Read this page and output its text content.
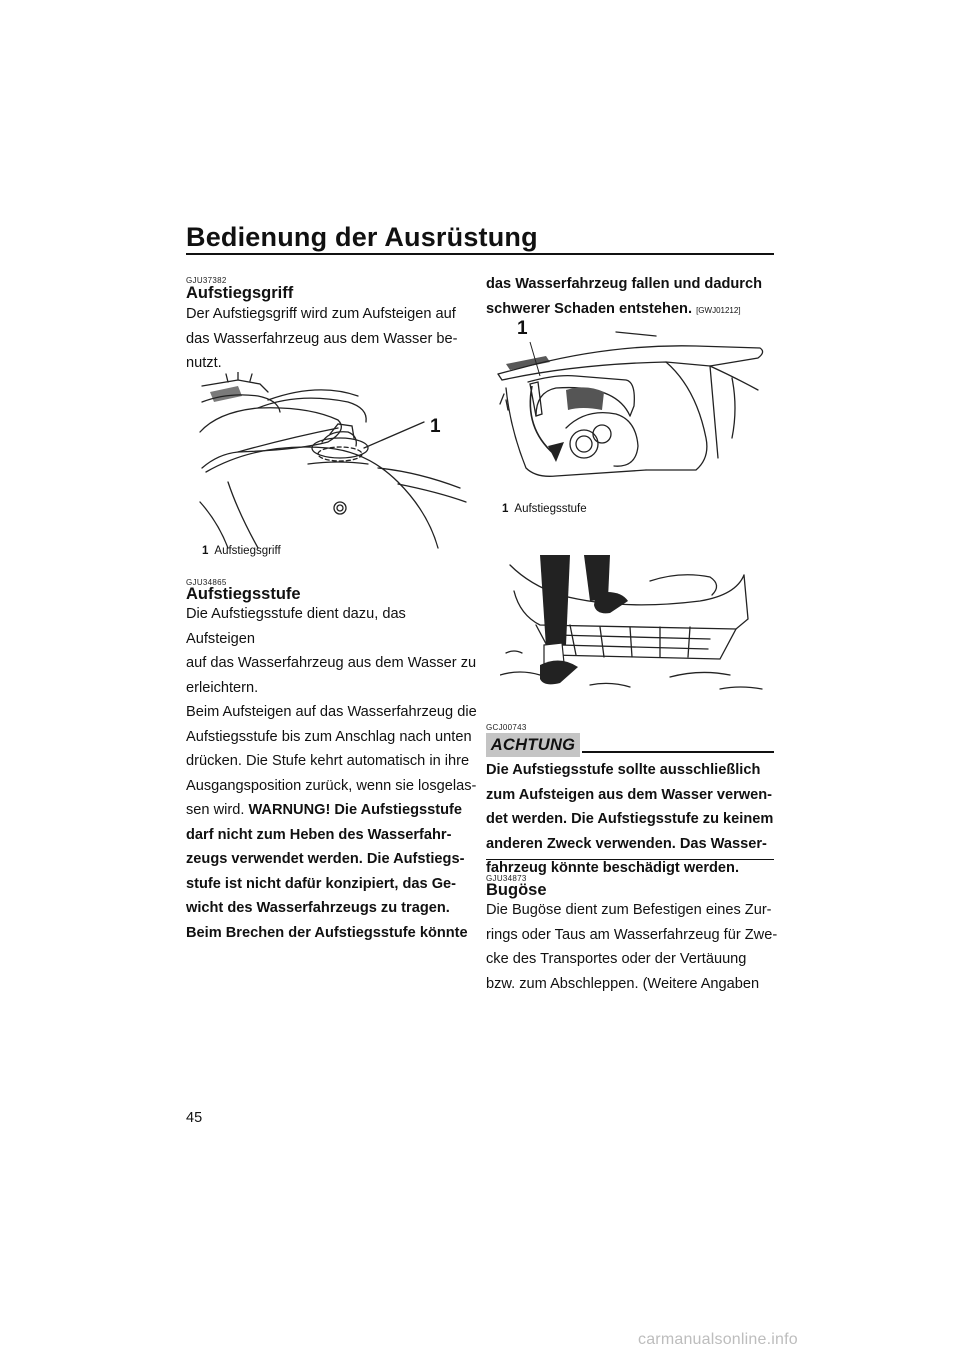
Bedienung der Ausrüstung
GJU37382
Aufstiegsgriff

Der Aufstiegsgriff wird zum Aufsteigen auf

das Wasserfahrzeug aus dem Wasser be-

nutzt.

1
1 Aufstiegsgriff
GJU34865
Aufstiegsstufe

Die Aufstiegsstufe dient dazu, das Aufsteigen

auf das Wasserfahrzeug aus dem Wasser zu

erleichtern.

Beim Aufsteigen auf das Wasserfahrzeug die

Aufstiegsstufe bis zum Anschlag nach unten

drücken. Die Stufe kehrt automatisch in ihre

Ausgangsposition zurück, wenn sie losgelas-

sen wird. WARNUNG! Die Aufstiegsstufe

darf nicht zum Heben des Wasserfahr-

zeugs verwendet werden. Die Aufstiegs-

stufe ist nicht dafür konzipiert, das Ge-

wicht des Wasserfahrzeugs zu tragen.

Beim Brechen der Aufstiegsstufe könnte

das Wasserfahrzeug fallen und dadurch

schwerer Schaden entstehen. [GWJ01212]

1
1 Aufstiegsstufe
GCJ00743
ACHTUNG

Die Aufstiegsstufe sollte ausschließlich

zum Aufsteigen aus dem Wasser verwen-

det werden. Die Aufstiegsstufe zu keinem

anderen Zweck verwenden. Das Wasser-

fahrzeug könnte beschädigt werden.

GJU34873
Bugöse

Die Bugöse dient zum Befestigen eines Zur-

rings oder Taus am Wasserfahrzeug für Zwe-

cke des Transportes oder der Vertäuung

bzw. zum Abschleppen. (Weitere Angaben

45
carmanualsonline.info
